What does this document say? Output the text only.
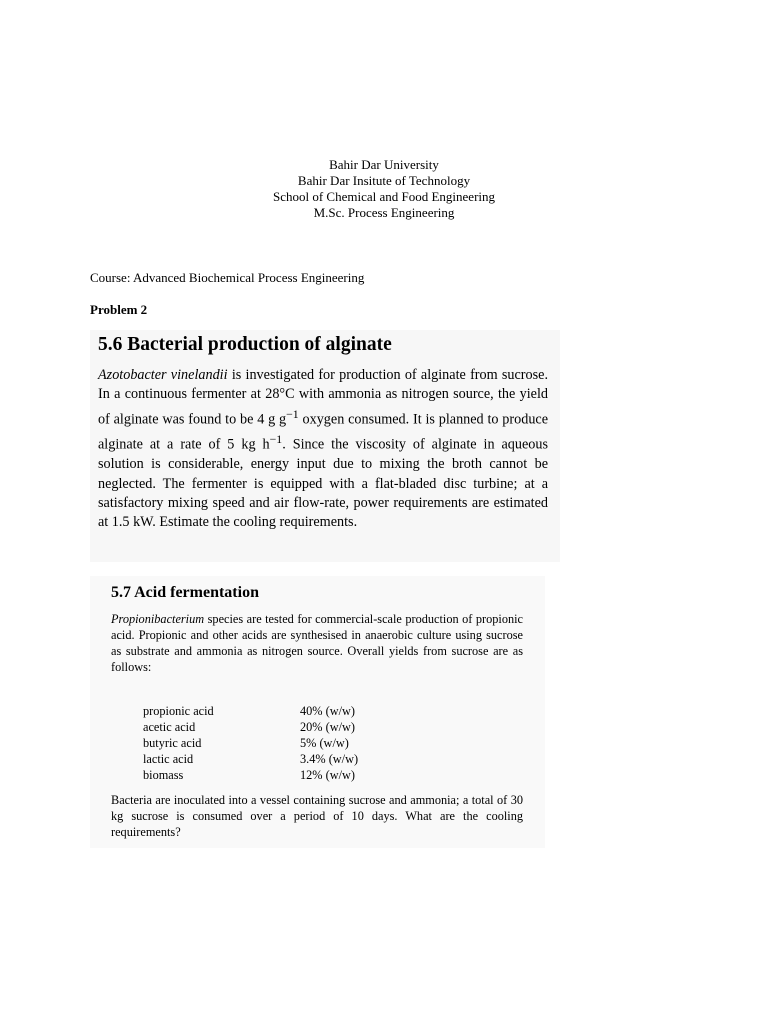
Bahir Dar University
Bahir Dar Insitute of Technology
School of Chemical and Food Engineering
M.Sc. Process Engineering
Course: Advanced Biochemical Process Engineering
Problem 2
5.6 Bacterial production of alginate
Azotobacter vinelandii is investigated for production of alginate from sucrose. In a continuous fermenter at 28°C with ammonia as nitrogen source, the yield of alginate was found to be 4 g $g^{-1}$ oxygen consumed. It is planned to produce alginate at a rate of 5 kg $h^{-1}$. Since the viscosity of alginate in aqueous solution is considerable, energy input due to mixing the broth cannot be neglected. The fermenter is equipped with a flat-bladed disc turbine; at a satisfactory mixing speed and air flow-rate, power requirements are estimated at 1.5 kW. Estimate the cooling requirements.
5.7 Acid fermentation
Propionibacterium species are tested for commercial-scale production of propionic acid. Propionic and other acids are synthesised in anaerobic culture using sucrose as substrate and ammonia as nitrogen source. Overall yields from sucrose are as follows:
propionic acid	40% (w/w)
acetic acid	20% (w/w)
butyric acid	5% (w/w)
lactic acid	3.4% (w/w)
biomass	12% (w/w)
Bacteria are inoculated into a vessel containing sucrose and ammonia; a total of 30 kg sucrose is consumed over a period of 10 days. What are the cooling requirements?
